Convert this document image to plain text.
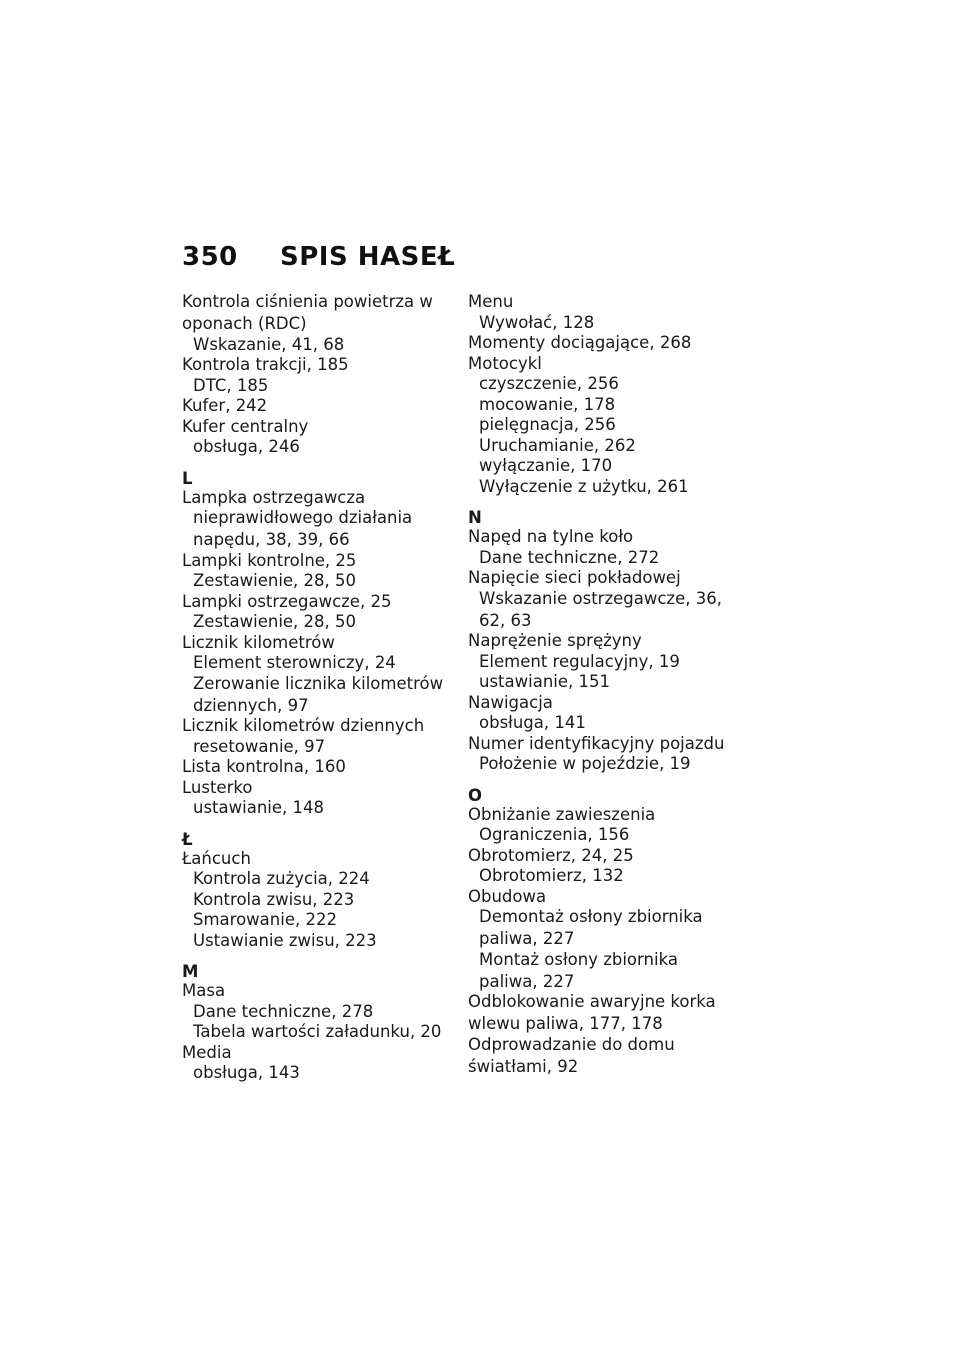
350	SPIS HASEŁ
Kontrola ciśnienia powietrza w
oponach (RDC)
Wskazanie, 41, 68
Kontrola trakcji, 185
DTC, 185
Kufer, 242
Kufer centralny
obsługa, 246
L
Lampka ostrzegawcza
nieprawidłowego działania
napędu, 38, 39, 66
Lampki kontrolne, 25
Zestawienie, 28, 50
Lampki ostrzegawcze, 25
Zestawienie, 28, 50
Licznik kilometrów
Element sterowniczy, 24
Zerowanie licznika kilometrów
dziennych, 97
Licznik kilometrów dziennych
resetowanie, 97
Lista kontrolna, 160
Lusterko
ustawianie, 148
Ł
Łańcuch
Kontrola zużycia, 224
Kontrola zwisu, 223
Smarowanie, 222
Ustawianie zwisu, 223
M
Masa
Dane techniczne, 278
Tabela wartości załadunku, 20
Media
obsługa, 143
Menu
Wywołać, 128
Momenty dociągające, 268
Motocykl
czyszczenie, 256
mocowanie, 178
pielęgnacja, 256
Uruchamianie, 262
wyłączanie, 170
Wyłączenie z użytku, 261
N
Napęd na tylne koło
Dane techniczne, 272
Napięcie sieci pokładowej
Wskazanie ostrzegawcze, 36,
62, 63
Naprężenie sprężyny
Element regulacyjny, 19
ustawianie, 151
Nawigacja
obsługa, 141
Numer identyfikacyjny pojazdu
Położenie w pojeździe, 19
O
Obniżanie zawieszenia
Ograniczenia, 156
Obrotomierz, 24, 25
Obrotomierz, 132
Obudowa
Demontaż osłony zbiornika
paliwa, 227
Montaż osłony zbiornika
paliwa, 227
Odblokowanie awaryjne korka
wlewu paliwa, 177, 178
Odprowadzanie do domu
światłami, 92
